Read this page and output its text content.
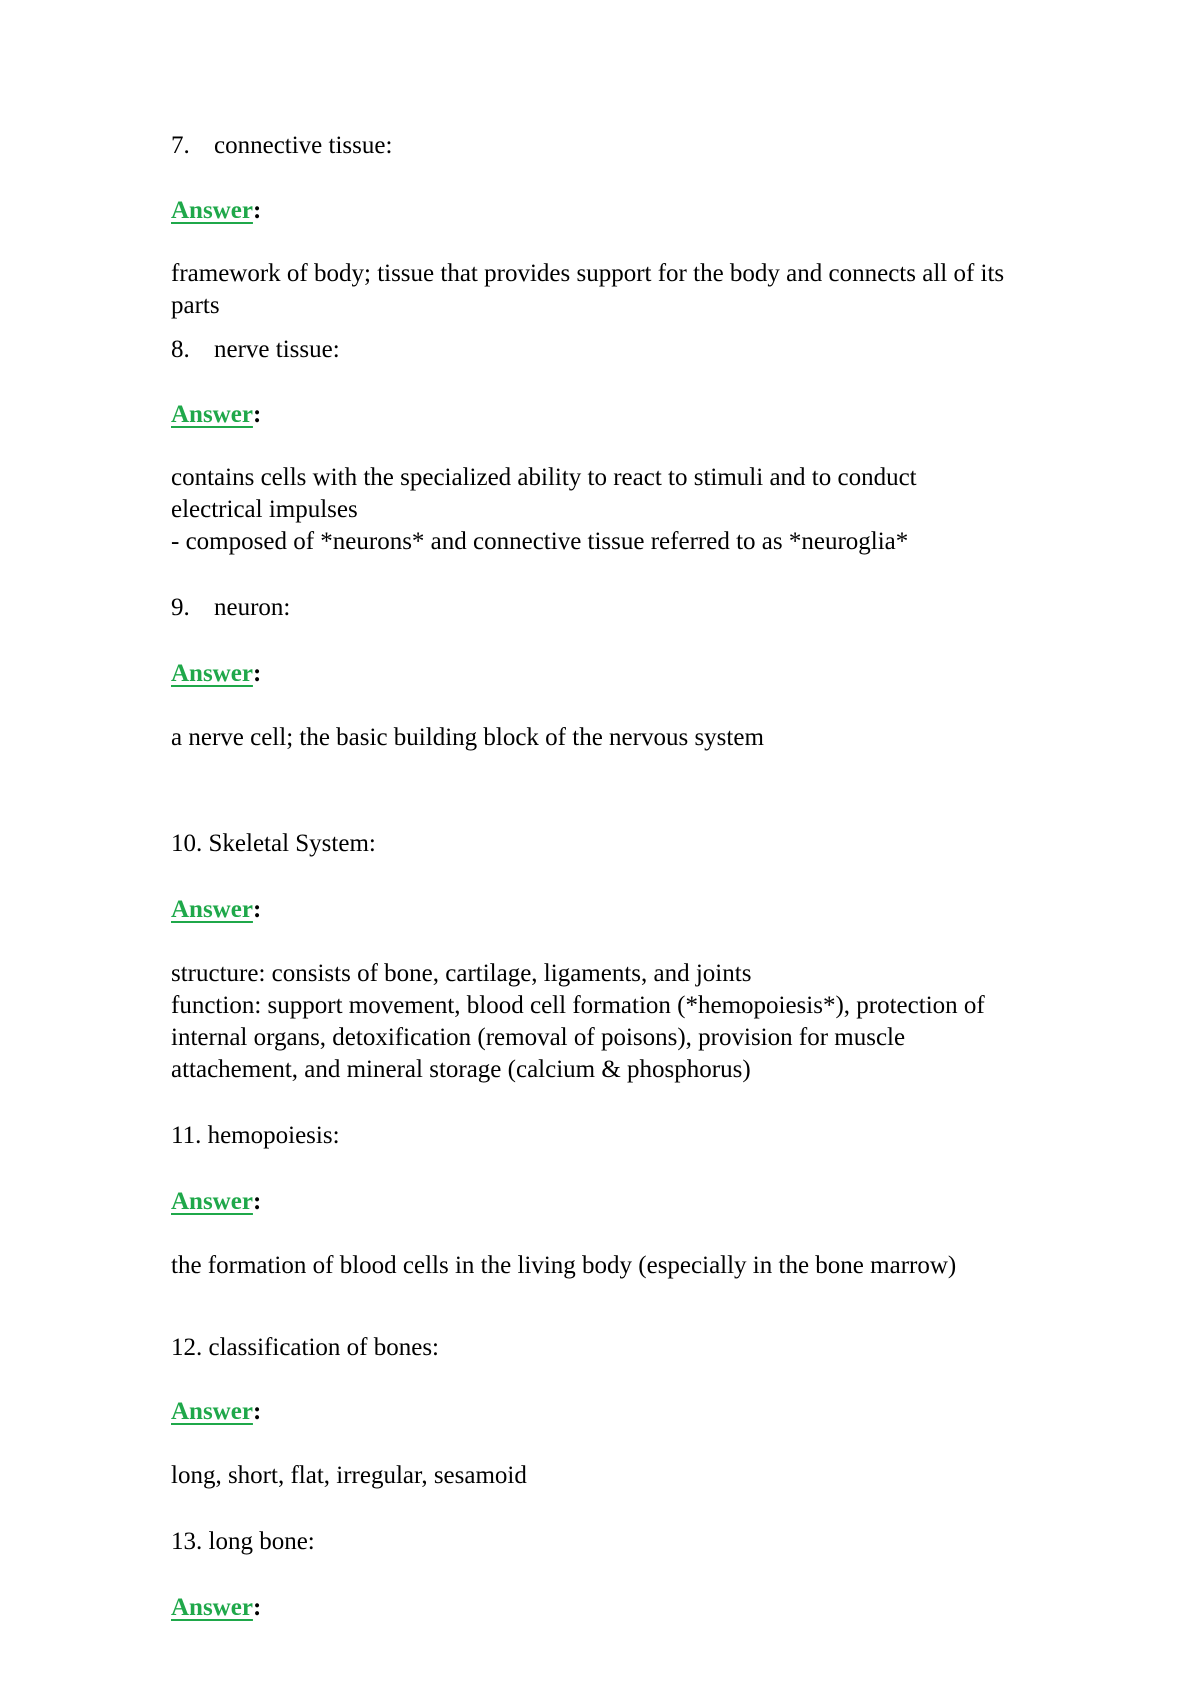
7. connective tissue:

Answer:

framework of body; tissue that provides support for the body and connects all of its

parts

8. nerve tissue:

Answer:

contains cells with the specialized ability to react to stimuli and to conduct

electrical impulses

- composed of *neurons* and connective tissue referred to as *neuroglia*

9. neuron:

Answer:

a nerve cell; the basic building block of the nervous system

10. Skeletal System:

Answer:

structure: consists of bone, cartilage, ligaments, and joints

function: support movement, blood cell formation (*hemopoiesis*), protection of

internal organs, detoxification (removal of poisons), provision for muscle

attachement, and mineral storage (calcium & phosphorus)

11. hemopoiesis:

Answer:

the formation of blood cells in the living body (especially in the bone marrow)

12. classification of bones:

Answer:

long, short, flat, irregular, sesamoid

13. long bone:

Answer:
